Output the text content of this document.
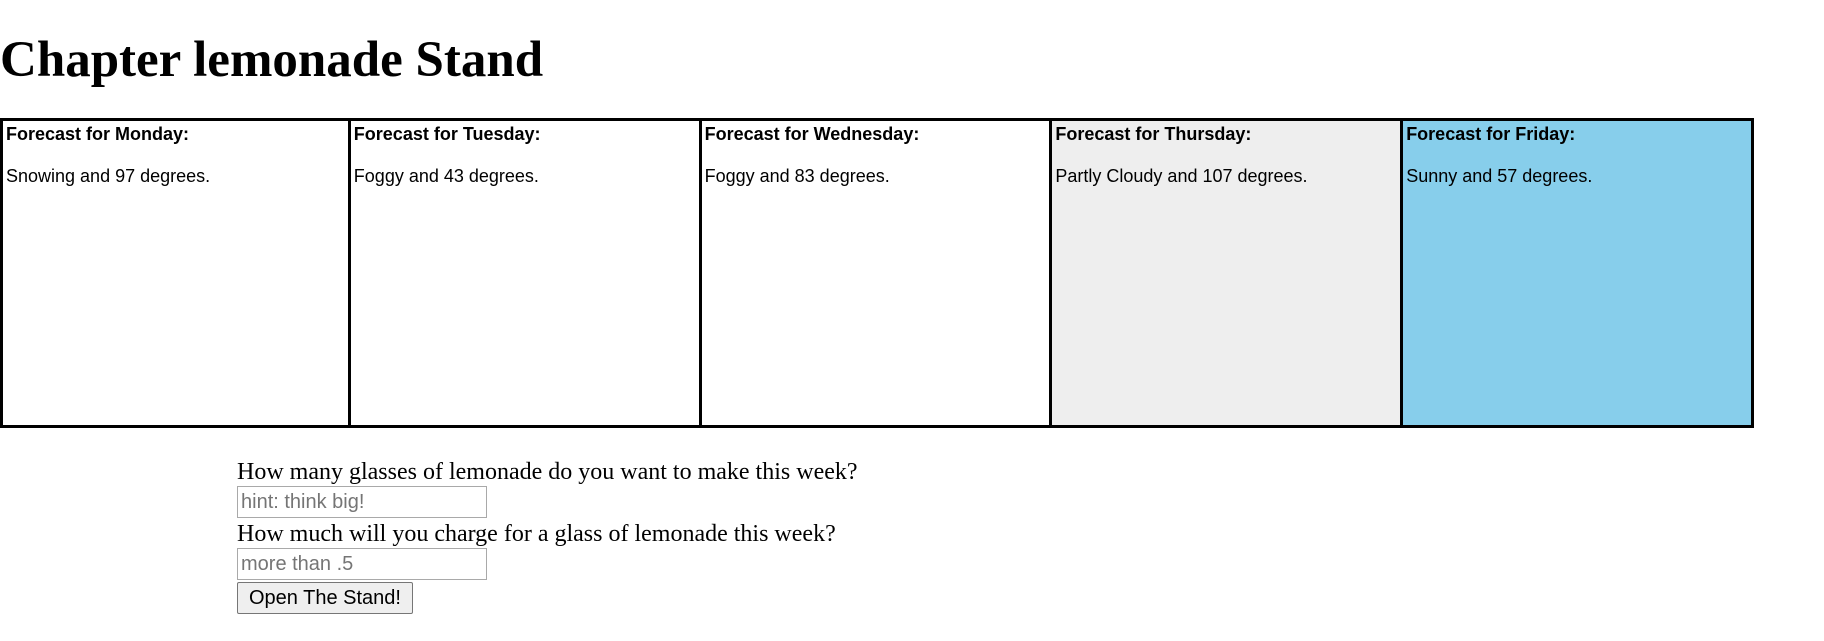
Chapter lemonade Stand
Forecast for Monday:
Snowing and 97 degrees.
Forecast for Tuesday:
Foggy and 43 degrees.
Forecast for Wednesday:
Foggy and 83 degrees.
Forecast for Thursday:
Partly Cloudy and 107 degrees.
Forecast for Friday:
Sunny and 57 degrees.
How many glasses of lemonade do you want to make this week?
hint: think big!
How much will you charge for a glass of lemonade this week?
more than .5
Open The Stand!
